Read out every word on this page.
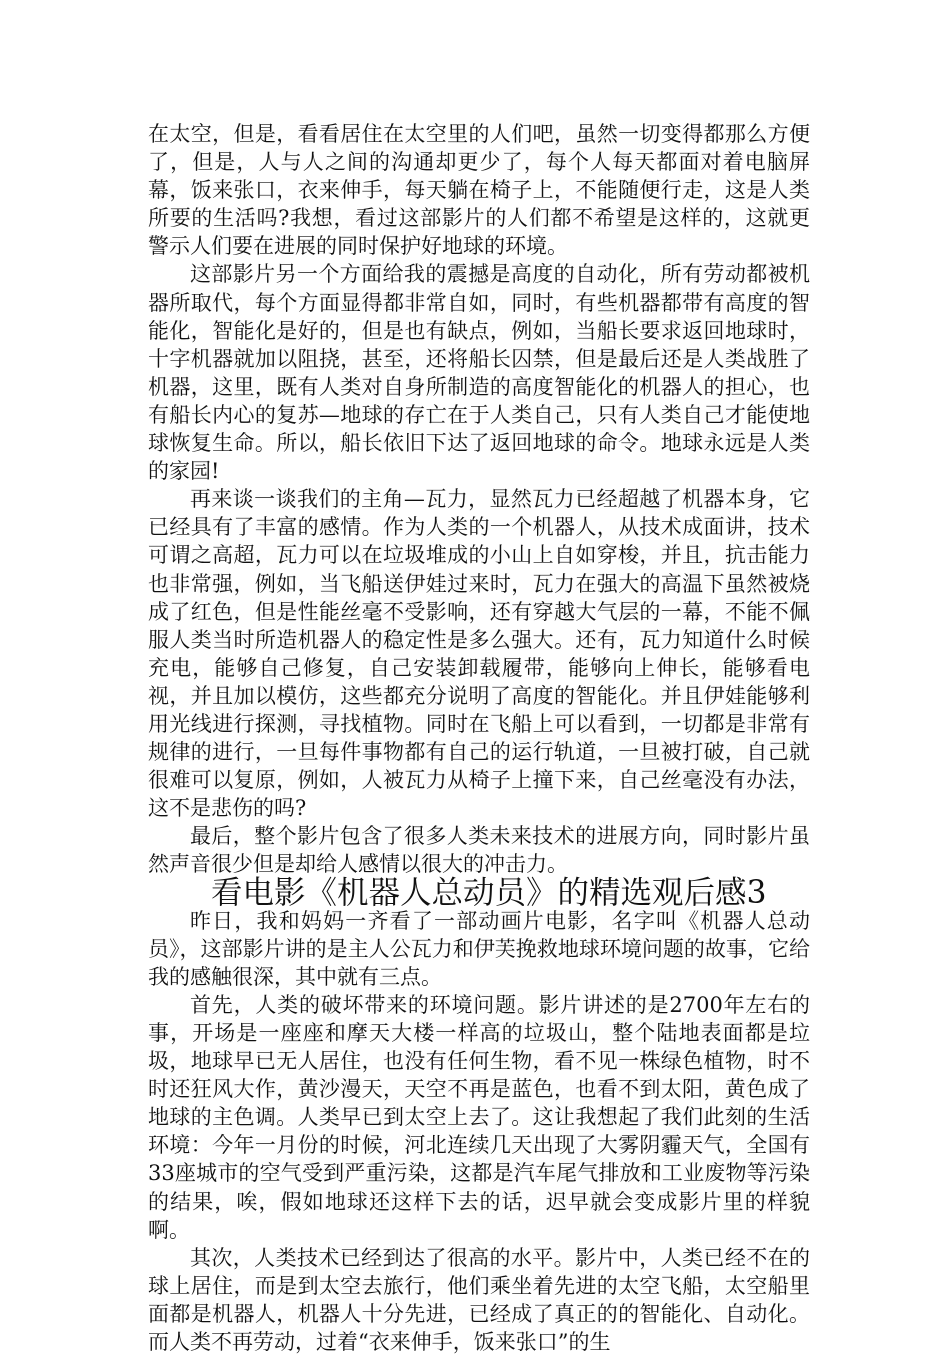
在太空，但是，看看居住在太空里的人们吧，虽然一切变得都那么方便了，但是，人与人之间的沟通却更少了，每个人每天都面对着电脑屏幕，饭来张口，衣来伸手，每天躺在椅子上，不能随便行走，这是人类所要的生活吗?我想，看过这部影片的人们都不希望是这样的，这就更警示人们要在进展的同时保护好地球的环境。

这部影片另一个方面给我的震撼是高度的自动化，所有劳动都被机器所取代，每个方面显得都非常自如，同时，有些机器都带有高度的智能化，智能化是好的，但是也有缺点，例如，当船长要求返回地球时，十字机器就加以阻挠，甚至，还将船长囚禁，但是最后还是人类战胜了机器，这里，既有人类对自身所制造的高度智能化的机器人的担心，也有船长内心的复苏—地球的存亡在于人类自己，只有人类自己才能使地球恢复生命。所以，船长依旧下达了返回地球的命令。地球永远是人类的家园!

再来谈一谈我们的主角—瓦力，显然瓦力已经超越了机器本身，它已经具有了丰富的感情。作为人类的一个机器人，从技术成面讲，技术可谓之高超，瓦力可以在垃圾堆成的小山上自如穿梭，并且，抗击能力也非常强，例如，当飞船送伊娃过来时，瓦力在强大的高温下虽然被烧成了红色，但是性能丝毫不受影响，还有穿越大气层的一幕，不能不佩服人类当时所造机器人的稳定性是多么强大。还有，瓦力知道什么时候充电，能够自己修复，自己安装卸载履带，能够向上伸长，能够看电视，并且加以模仿，这些都充分说明了高度的智能化。并且伊娃能够利用光线进行探测，寻找植物。同时在飞船上可以看到，一切都是非常有规律的进行，一旦每件事物都有自己的运行轨道，一旦被打破，自己就很难可以复原，例如，人被瓦力从椅子上撞下来，自己丝毫没有办法，这不是悲伤的吗?

最后，整个影片包含了很多人类未来技术的进展方向，同时影片虽然声音很少但是却给人感情以很大的冲击力。

看电影《机器人总动员》的精选观后感3

昨日，我和妈妈一齐看了一部动画片电影，名字叫《机器人总动员》，这部影片讲的是主人公瓦力和伊芙挽救地球环境问题的故事，它给我的感触很深，其中就有三点。

首先，人类的破坏带来的环境问题。影片讲述的是2700年左右的事，开场是一座座和摩天大楼一样高的垃圾山，整个陆地表面都是垃圾，地球早已无人居住，也没有任何生物，看不见一株绿色植物，时不时还狂风大作，黄沙漫天，天空不再是蓝色，也看不到太阳，黄色成了地球的主色调。人类早已到太空上去了。这让我想起了我们此刻的生活环境：今年一月份的时候，河北连续几天出现了大雾阴霾天气，全国有33座城市的空气受到严重污染，这都是汽车尾气排放和工业废物等污染的结果，唉，假如地球还这样下去的话，迟早就会变成影片里的样貌啊。

其次，人类技术已经到达了很高的水平。影片中，人类已经不在的球上居住，而是到太空去旅行，他们乘坐着先进的太空飞船，太空船里面都是机器人，机器人十分先进，已经成了真正的的智能化、自动化。而人类不再劳动，过着“衣来伸手，饭来张口”的生
